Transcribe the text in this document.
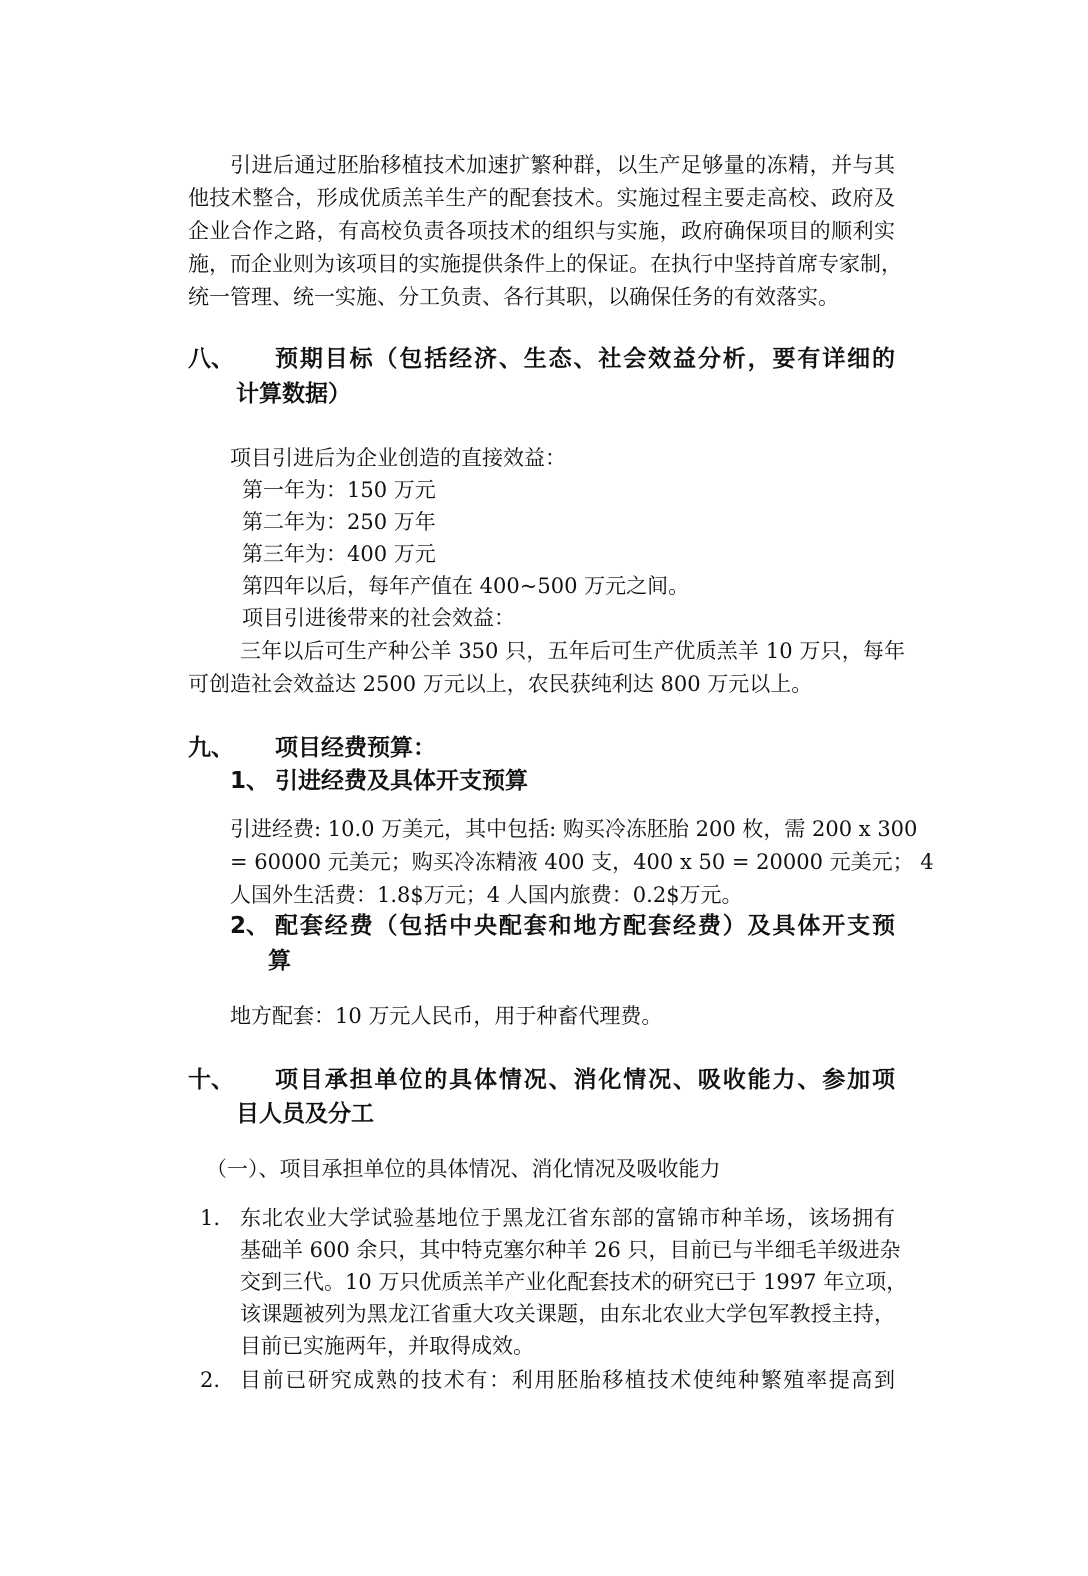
引进后通过胚胎移植技术加速扩繁种群，以生产足够量的冻精，并与其
他技术整合，形成优质羔羊生产的配套技术。实施过程主要走高校、政府及
企业合作之路，有高校负责各项技术的组织与实施，政府确保项目的顺利实
施，而企业则为该项目的实施提供条件上的保证。在执行中坚持首席专家制，
统一管理、统一实施、分工负责、各行其职，以确保任务的有效落实。
八、 预期目标（包括经济、生态、社会效益分析，要有详细的
计算数据）
项目引进后为企业创造的直接效益：
第一年为：150 万元
第二年为：250 万年
第三年为：400 万元
第四年以后，每年产值在 400~500 万元之间。
项目引进後带来的社会效益：
三年以后可生产种公羊 350 只，五年后可生产优质羔羊 10 万只，每年
可创造社会效益达 2500 万元以上，农民获纯利达 800 万元以上。
九、 项目经费预算：
1、 引进经费及具体开支预算
引进经费: 10.0 万美元，其中包括: 购买冷冻胚胎 200 枚，需 200 x 300
= 60000 元美元；购买冷冻精液 400 支，400 x 50 = 20000 元美元； 4
人国外生活费：1.8$万元；4 人国内旅费：0.2$万元。
2、 配套经费（包括中央配套和地方配套经费）及具体开支预
算
地方配套：10 万元人民币，用于种畜代理费。
十、 项目承担单位的具体情况、消化情况、吸收能力、参加项
目人员及分工
（一）、项目承担单位的具体情况、消化情况及吸收能力
1. 东北农业大学试验基地位于黑龙江省东部的富锦市种羊场，该场拥有
基础羊 600 余只，其中特克塞尔种羊 26 只，目前已与半细毛羊级进杂
交到三代。10 万只优质羔羊产业化配套技术的研究已于 1997 年立项，
该课题被列为黑龙江省重大攻关课题，由东北农业大学包军教授主持，
目前已实施两年，并取得成效。
2. 目前已研究成熟的技术有：利用胚胎移植技术使纯种繁殖率提高到
